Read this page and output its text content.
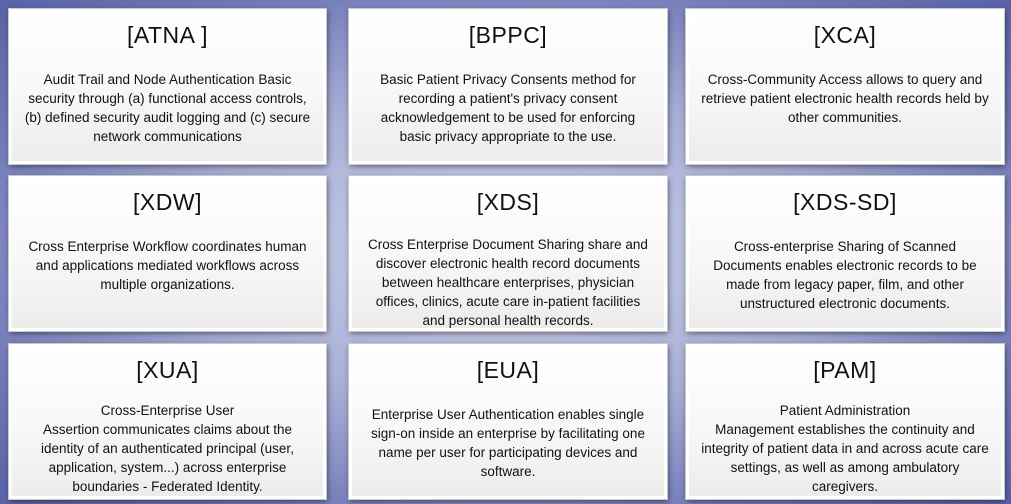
[ATNA ]
Audit Trail and Node Authentication Basic security through (a) functional access controls, (b) defined security audit logging and (c) secure network communications
[BPPC]
Basic Patient Privacy Consents method for recording a patient's privacy consent acknowledgement to be used for enforcing basic privacy appropriate to the use.
[XCA]
Cross-Community Access allows to query and retrieve patient electronic health records held by other communities.
[XDW]
Cross Enterprise Workflow coordinates human and applications mediated workflows across multiple organizations.
[XDS]
Cross Enterprise Document Sharing share and discover electronic health record documents between healthcare enterprises, physician offices, clinics, acute care in-patient facilities and personal health records.
[XDS-SD]
Cross-enterprise Sharing of Scanned Documents enables electronic records to be made from legacy paper, film, and other unstructured electronic documents.
[XUA]
Cross-Enterprise User
Assertion communicates claims about the identity of an authenticated principal (user, application, system...) across enterprise boundaries - Federated Identity.
[EUA]
Enterprise User Authentication enables single sign-on inside an enterprise by facilitating one name per user for participating devices and software.
[PAM]
Patient Administration
Management establishes the continuity and integrity of patient data in and across acute care settings, as well as among ambulatory caregivers.
